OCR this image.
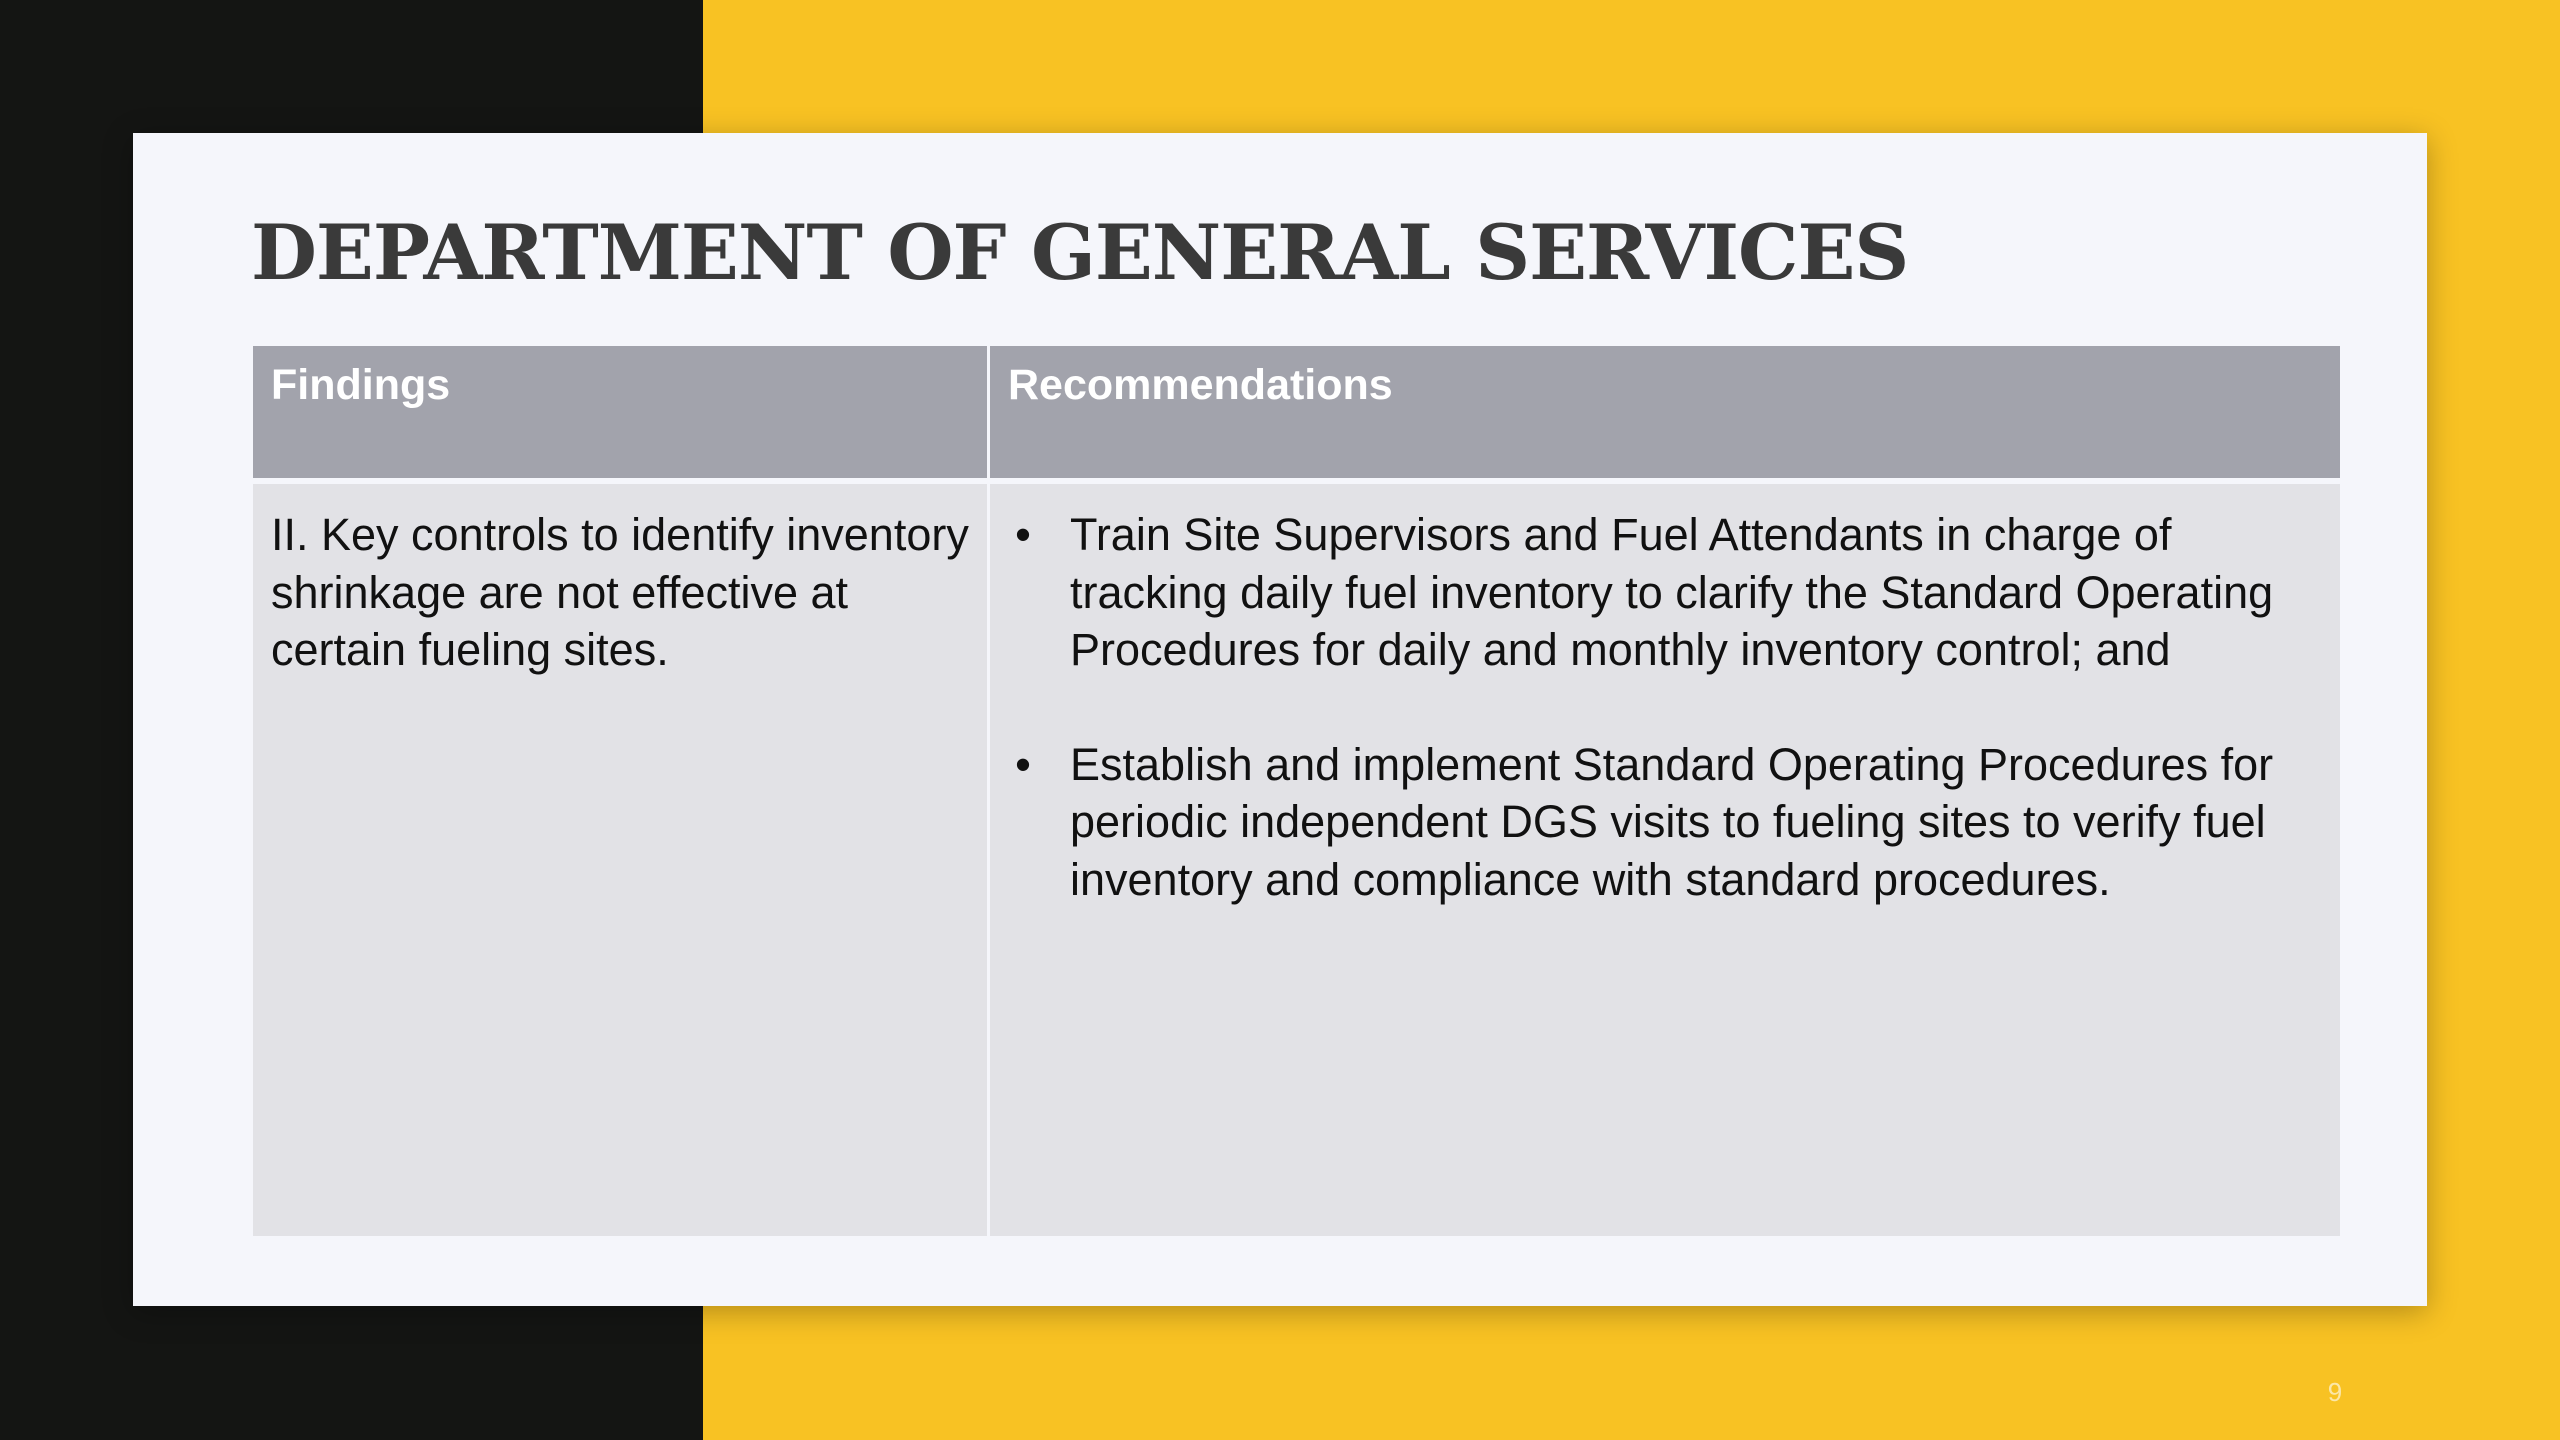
DEPARTMENT OF GENERAL SERVICES
Findings	Recommendations
II. Key controls to identify inventory shrinkage are not effective at certain fueling sites.
• Train Site Supervisors and Fuel Attendants in charge of tracking daily fuel inventory to clarify the Standard Operating Procedures for daily and monthly inventory control; and
• Establish and implement Standard Operating Procedures for periodic independent DGS visits to fueling sites to verify fuel inventory and compliance with standard procedures.
9
